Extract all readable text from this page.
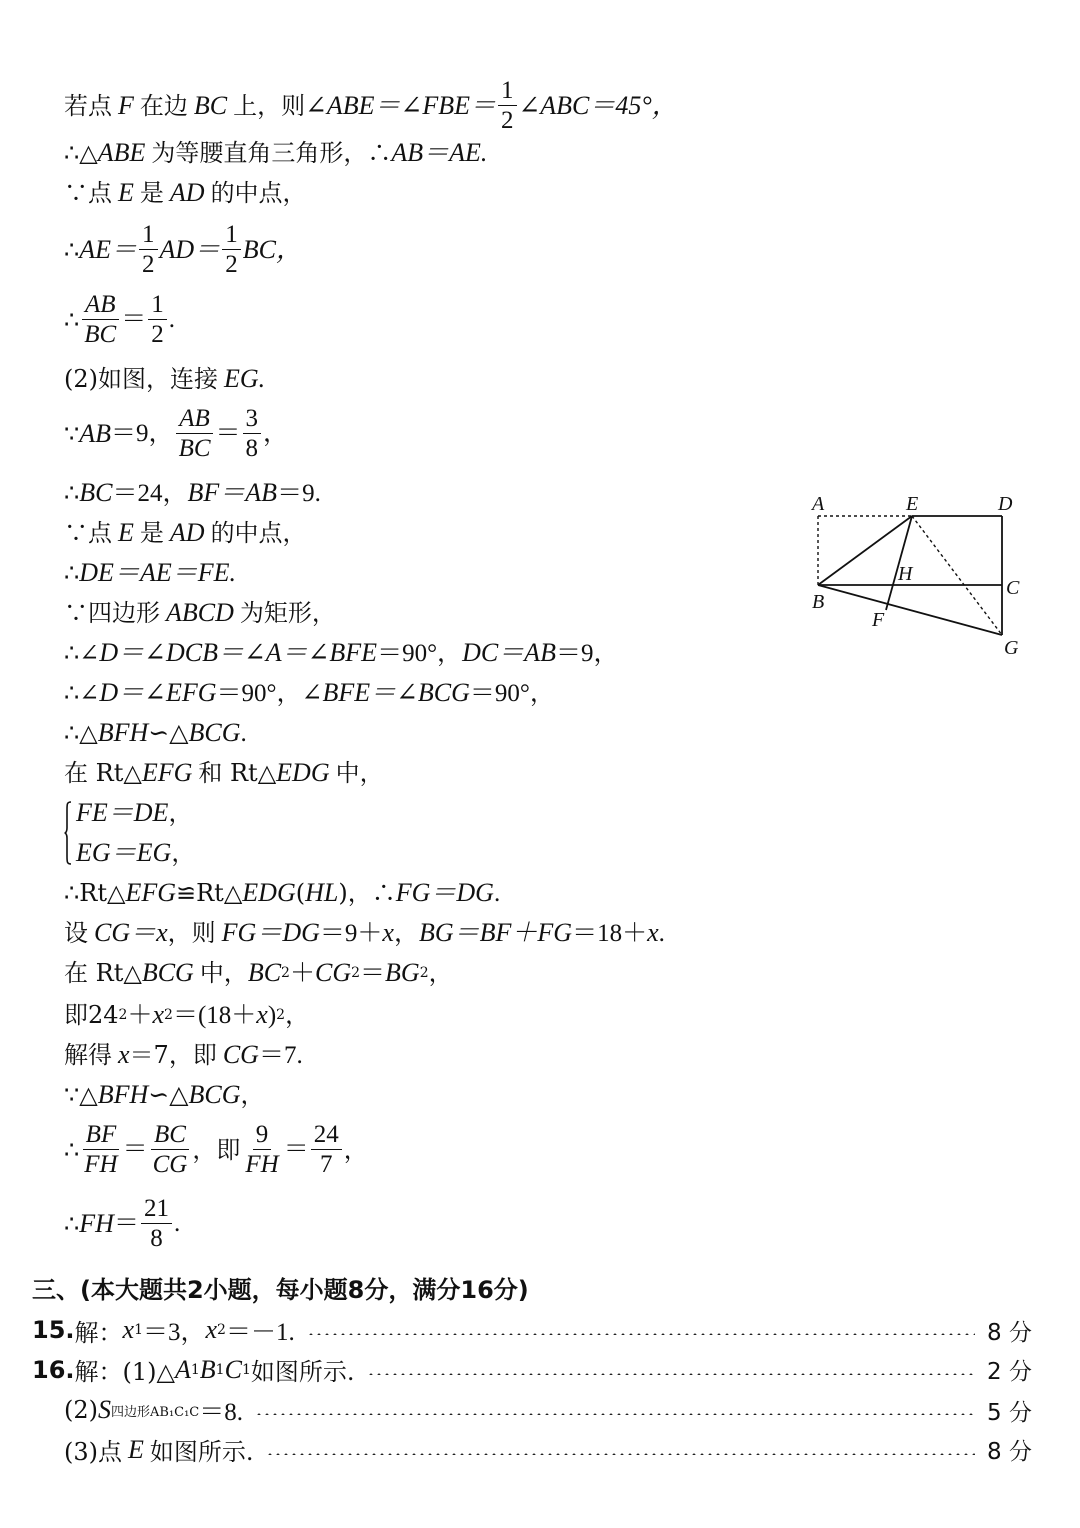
若点 F 在边 BC 上，则 ∠ABE＝∠FBE＝ $\frac{1}{2}$ ∠ABC＝45°，
∴△ ABE 为等腰直角三角形，∴ AB＝AE.
∵点 E 是 AD 的中点，
∴ $AE= \frac{1}{2} AD= \frac{1}{2}$ BC，
∴ $\frac{AB}{BC} = \frac{1}{2}$ .
(2)如图，连接 EG.
∵ AB ＝9， $\frac{AB}{BC} = \frac{3}{8}$ ，
∴ BC ＝24， BF＝AB ＝9.
∵点 E 是 AD 的中点，
∴ DE＝AE＝FE.
∵四边形 ABCD 为矩形，
∴∠ D＝∠DCB＝∠A＝∠BFE ＝90°， DC＝AB ＝9，
∴∠ D＝∠EFG ＝90°，∠ BFE＝∠BCG ＝90°，
∴△ BFH ∽△ BCG .
在 Rt△ EFG 和 Rt△ EDG 中，
FE＝DE ，
EG＝EG ，
∴Rt△ EFG ≌Rt△ EDG ( HL )，∴ FG＝DG .
设 CG＝x ，则 FG＝DG ＝9＋ x ， BG＝BF＋FG ＝18＋ x .
在 Rt△ BCG 中， BC 2 ＋ CG 2 ＝ BG 2 ，
即24 2 ＋ x 2 ＝(18＋ x ) 2 ，
解得 x ＝7，即 CG ＝7.
∵△ BFH ∽△ BCG ，
∴ $\frac{BF}{FH} = \frac{BC}{CG}$ ，即 $\frac{9}{FH} = \frac{24}{7}$ ，
∴ FH ＝ $\frac{21}{8}$ .
三、(本大题共2小题，每小题8分，满分16分)
15. 解： x 1 ＝3， x 2 ＝－1.	8 分
16. 解：(1)△ A 1 B 1 C 1 如图所示.	2 分
(2) S 四边形AB₁C₁C ＝8.	5 分
(3)点 E 如图所示.	8 分
A	E	D
H
C
B
F
G
